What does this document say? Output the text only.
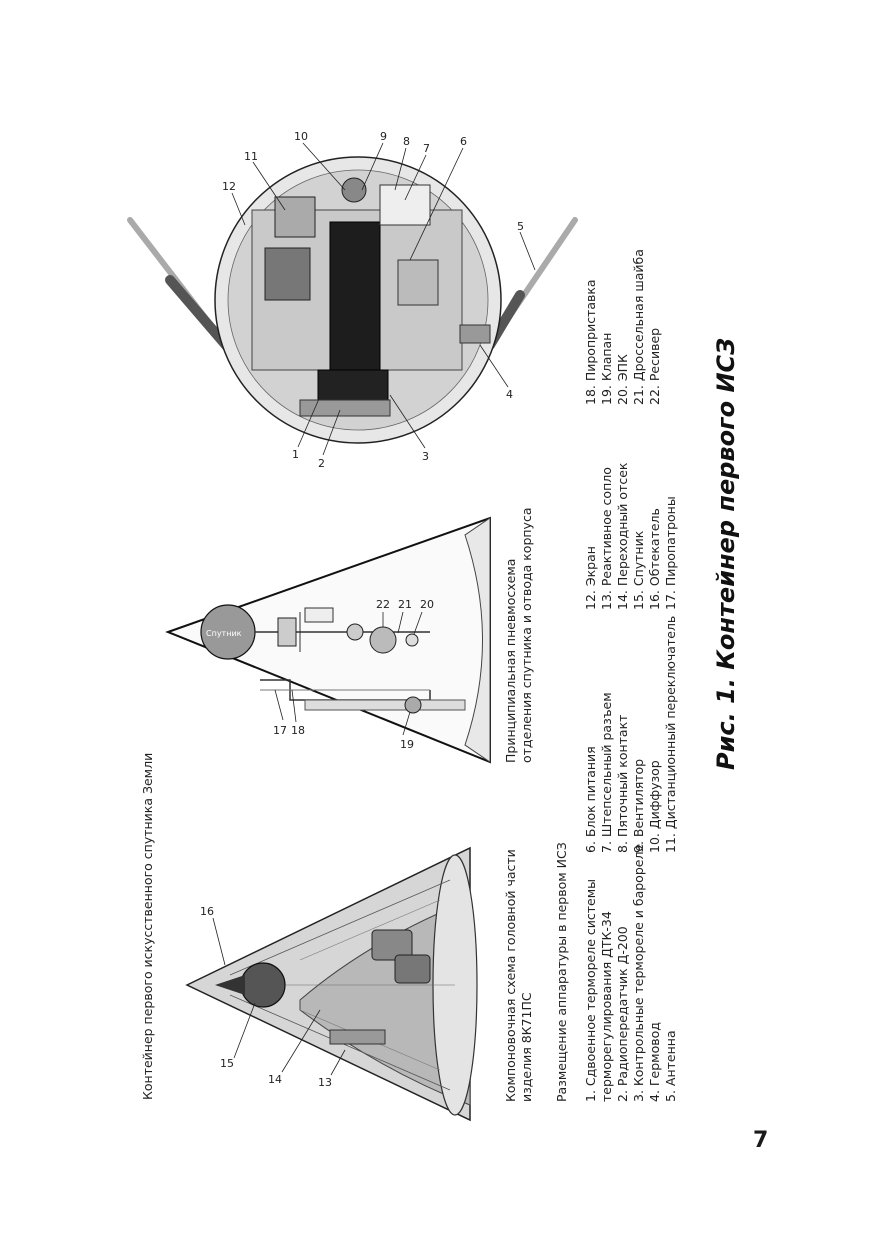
16
15
14	13
Спутник
22 21 20
17 18
19
12
11
10	9 8
7
6
5
4
3
2
1
Контейнер первого искусственного спутника Земли	Компоновочная схема головной части изделия 8К71ПС
Принципиальная пневмосхема отделения спутника и отвода корпуса
Размещение аппаратуры в первом ИСЗ 1. Сдвоенное термореле системы терморегулирования ДТК-34 2. Радиопередатчик Д-200 3. Контрольные термореле и барореле 4. Гермовод 5. Антенна
6. Блок питания 7. Штепсельный разъем 8. Пяточный контакт 9. Вентилятор 10. Диффузор 11. Дистанционный переключатель
12. Экран 13. Реактивное сопло 14. Переходный отсек 15. Спутник 16. Обтекатель 17. Пиропатроны
18. Пироприставка 19. Клапан 20. ЭПК 21. Дроссельная шайба 22. Ресивер Рис. 1. Контейнер первого ИСЗ
7
